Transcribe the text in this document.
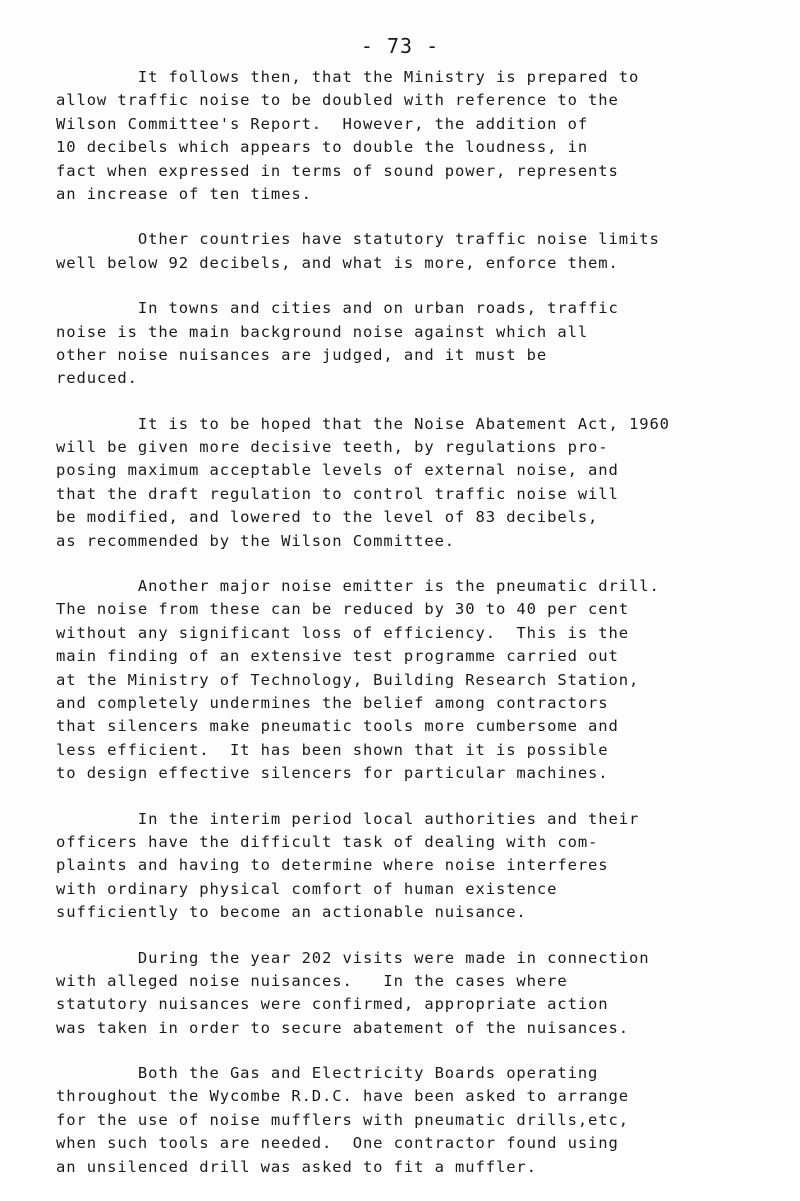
- 73 -
It follows then, that the Ministry is prepared to
allow traffic noise to be doubled with reference to the
Wilson Committee's Report.  However, the addition of
10 decibels which appears to double the loudness, in
fact when expressed in terms of sound power, represents
an increase of ten times.
Other countries have statutory traffic noise limits
well below 92 decibels, and what is more, enforce them.
In towns and cities and on urban roads, traffic
noise is the main background noise against which all
other noise nuisances are judged, and it must be
reduced.
It is to be hoped that the Noise Abatement Act, 1960
will be given more decisive teeth, by regulations pro-
posing maximum acceptable levels of external noise, and
that the draft regulation to control traffic noise will
be modified, and lowered to the level of 83 decibels,
as recommended by the Wilson Committee.
Another major noise emitter is the pneumatic drill.
The noise from these can be reduced by 30 to 40 per cent
without any significant loss of efficiency.  This is the
main finding of an extensive test programme carried out
at the Ministry of Technology, Building Research Station,
and completely undermines the belief among contractors
that silencers make pneumatic tools more cumbersome and
less efficient.  It has been shown that it is possible
to design effective silencers for particular machines.
In the interim period local authorities and their
officers have the difficult task of dealing with com-
plaints and having to determine where noise interferes
with ordinary physical comfort of human existence
sufficiently to become an actionable nuisance.
During the year 202 visits were made in connection
with alleged noise nuisances.   In the cases where
statutory nuisances were confirmed, appropriate action
was taken in order to secure abatement of the nuisances.
Both the Gas and Electricity Boards operating
throughout the Wycombe R.D.C. have been asked to arrange
for the use of noise mufflers with pneumatic drills,etc,
when such tools are needed.  One contractor found using
an unsilenced drill was asked to fit a muffler.
